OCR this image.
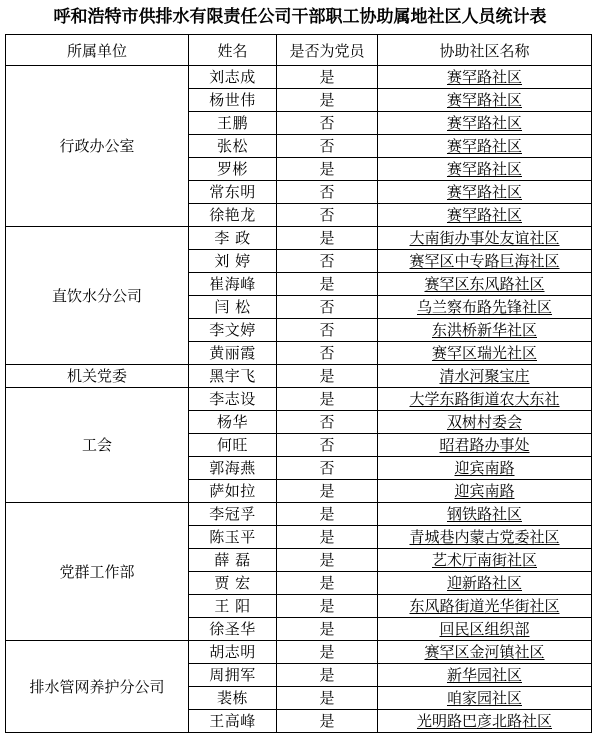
呼和浩特市供排水有限责任公司干部职工协助属地社区人员统计表
所属单位	姓名	是否为党员	协助社区名称
行政办公室	刘志成	是	赛罕路社区
	杨世伟	是	赛罕路社区
	王鹏	否	赛罕路社区
	张松	否	赛罕路社区
	罗彬	是	赛罕路社区
	常东明	否	赛罕路社区
	徐艳龙	否	赛罕路社区
直饮水分公司	李 政	是	大南街办事处友谊社区
	刘 婷	否	赛罕区中专路巨海社区
	崔海峰	是	赛罕区东风路社区
	闫 松	否	乌兰察布路先锋社区
	李文婷	否	东洪桥新华社区
	黄丽霞	否	赛罕区瑞光社区
机关党委	黑宇飞	是	清水河聚宝庄
工会	李志设	是	大学东路街道农大东社
	杨华	否	双树村委会
	何旺	否	昭君路办事处
	郭海燕	否	迎宾南路
	萨如拉	是	迎宾南路
党群工作部	李冠孚	是	钢铁路社区
	陈玉平	是	青城巷内蒙古党委社区
	薛 磊	是	艺术厅南街社区
	贾 宏	是	迎新路社区
	王 阳	是	东风路街道光华街社区
	徐圣华	是	回民区组织部
排水管网养护分公司	胡志明	是	赛罕区金河镇社区
	周拥军	是	新华园社区
	裴栋	是	咱家园社区
	王高峰	是	光明路巴彦北路社区
